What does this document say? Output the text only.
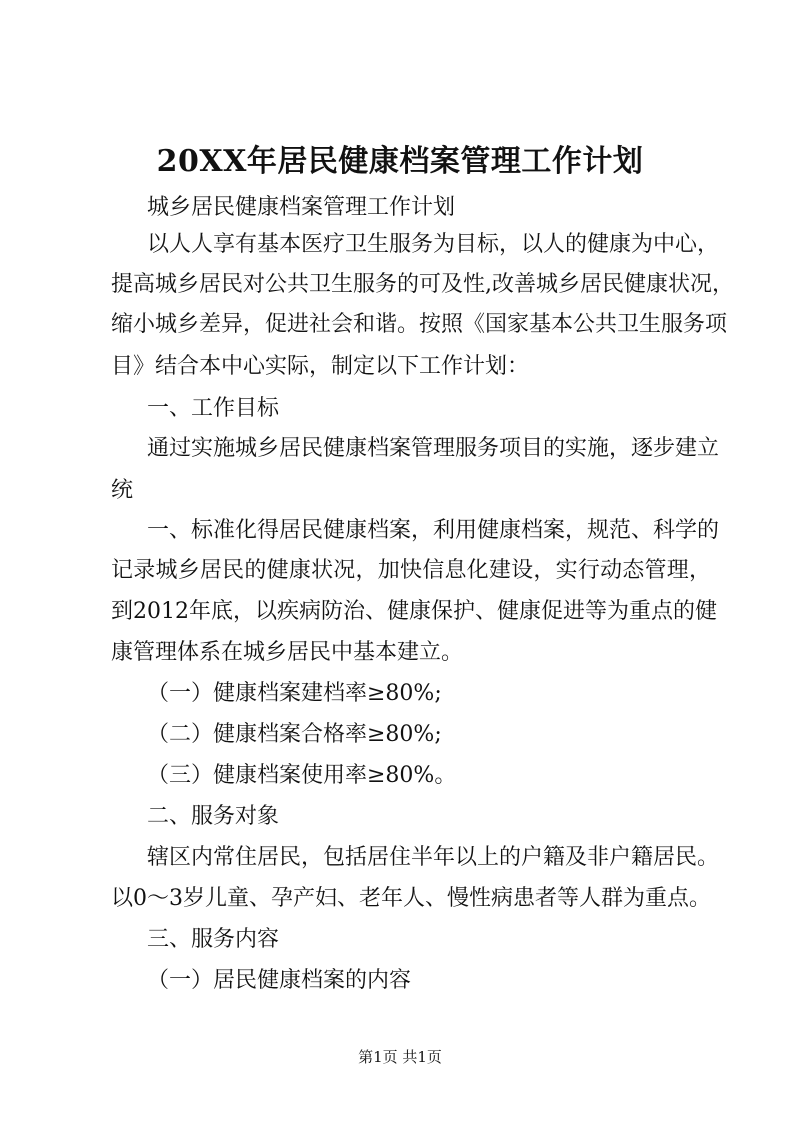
20XX年居民健康档案管理工作计划
城乡居民健康档案管理工作计划
以人人享有基本医疗卫生服务为目标，以人的健康为中心，
提高城乡居民对公共卫生服务的可及性,改善城乡居民健康状况，
缩小城乡差异，促进社会和谐。按照《国家基本公共卫生服务项
目》结合本中心实际，制定以下工作计划：
一、工作目标
通过实施城乡居民健康档案管理服务项目的实施，逐步建立
统
一、标准化得居民健康档案，利用健康档案，规范、科学的
记录城乡居民的健康状况，加快信息化建设，实行动态管理，
到2012年底，以疾病防治、健康保护、健康促进等为重点的健
康管理体系在城乡居民中基本建立。
（一）健康档案建档率≥80%;
（二）健康档案合格率≥80%;
（三）健康档案使用率≥80%。
二、服务对象
辖区内常住居民，包括居住半年以上的户籍及非户籍居民。
以0～3岁儿童、孕产妇、老年人、慢性病患者等人群为重点。
三、服务内容
（一）居民健康档案的内容
第1页 共1页
